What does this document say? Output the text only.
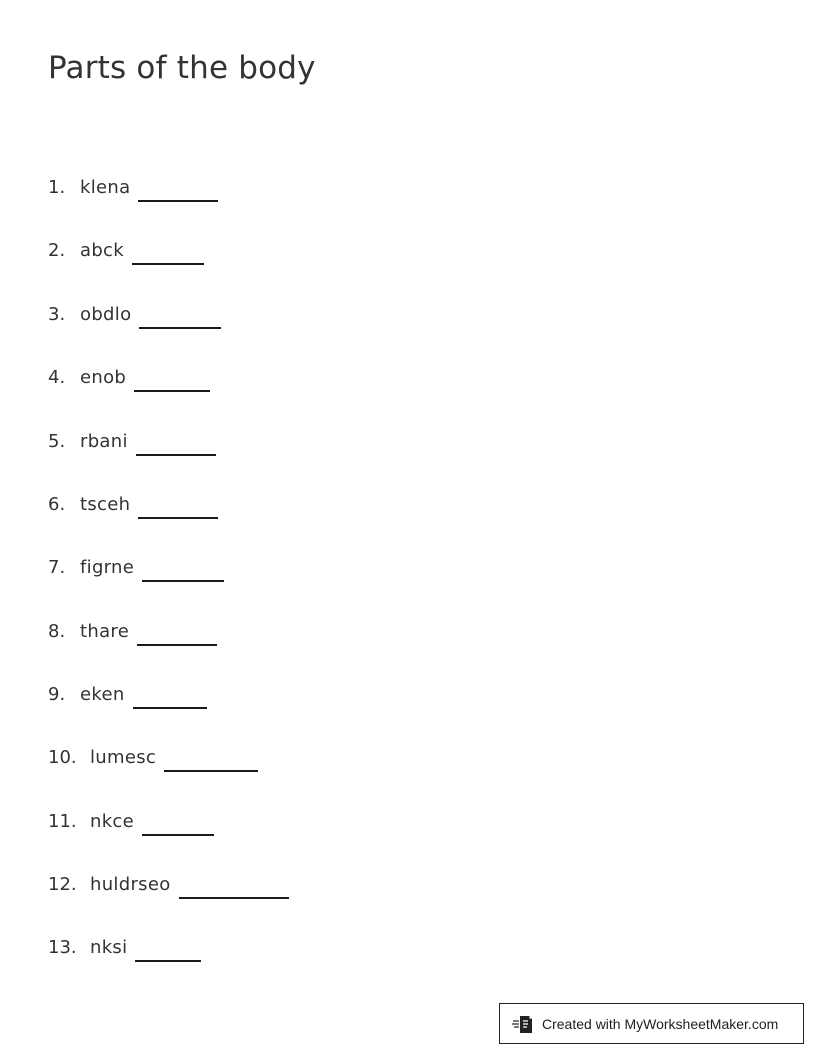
Parts of the body
1. klena
2. abck
3. obdlo
4. enob
5. rbani
6. tsceh
7. figrne
8. thare
9. eken
10. lumesc
11. nkce
12. huldrseo
13. nksi
Created with MyWorksheetMaker.com
